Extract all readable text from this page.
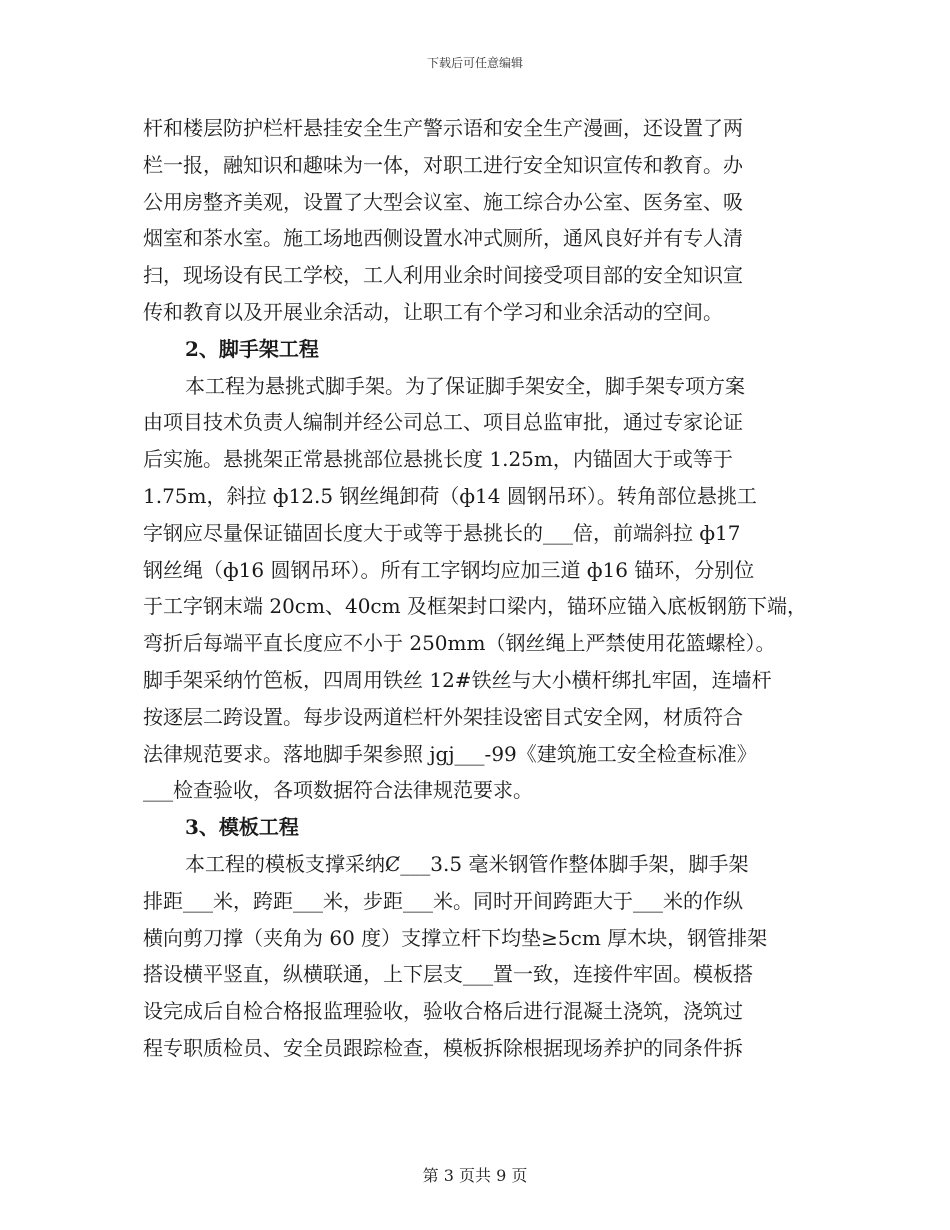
下载后可任意编辑
杆和楼层防护栏杆悬挂安全生产警示语和安全生产漫画，还设置了两
栏一报，融知识和趣味为一体，对职工进行安全知识宣传和教育。办
公用房整齐美观，设置了大型会议室、施工综合办公室、医务室、吸
烟室和茶水室。施工场地西侧设置水冲式厕所，通风良好并有专人清
扫，现场设有民工学校，工人利用业余时间接受项目部的安全知识宣
传和教育以及开展业余活动，让职工有个学习和业余活动的空间。
2、脚手架工程
本工程为悬挑式脚手架。为了保证脚手架安全，脚手架专项方案
由项目技术负责人编制并经公司总工、项目总监审批，通过专家论证
后实施。悬挑架正常悬挑部位悬挑长度 1.25m，内锚固大于或等于
1.75m，斜拉 ф12.5 钢丝绳卸荷（ф14 圆钢吊环）。转角部位悬挑工
字钢应尽量保证锚固长度大于或等于悬挑长的___倍，前端斜拉 ф17
钢丝绳（ф16 圆钢吊环）。所有工字钢均应加三道 ф16 锚环，分别位
于工字钢末端 20cm、40cm 及框架封口梁内，锚环应锚入底板钢筋下端，
弯折后每端平直长度应不小于 250mm（钢丝绳上严禁使用花篮螺栓）。
脚手架采纳竹笆板，四周用铁丝 12#铁丝与大小横杆绑扎牢固，连墙杆
按逐层二跨设置。每步设两道栏杆外架挂设密目式安全网，材质符合
法律规范要求。落地脚手架参照 jgj___-99《建筑施工安全检查标准》
___检查验收，各项数据符合法律规范要求。
3、模板工程
本工程的模板支撑采纳Ȼ___3.5 毫米钢管作整体脚手架，脚手架
排距___米，跨距___米，步距___米。同时开间跨距大于___米的作纵
横向剪刀撑（夹角为 60 度）支撑立杆下均垫≥5cm 厚木块，钢管排架
搭设横平竖直，纵横联通，上下层支___置一致，连接件牢固。模板搭
设完成后自检合格报监理验收，验收合格后进行混凝土浇筑，浇筑过
程专职质检员、安全员跟踪检查，模板拆除根据现场养护的同条件拆
第 3 页共 9 页
